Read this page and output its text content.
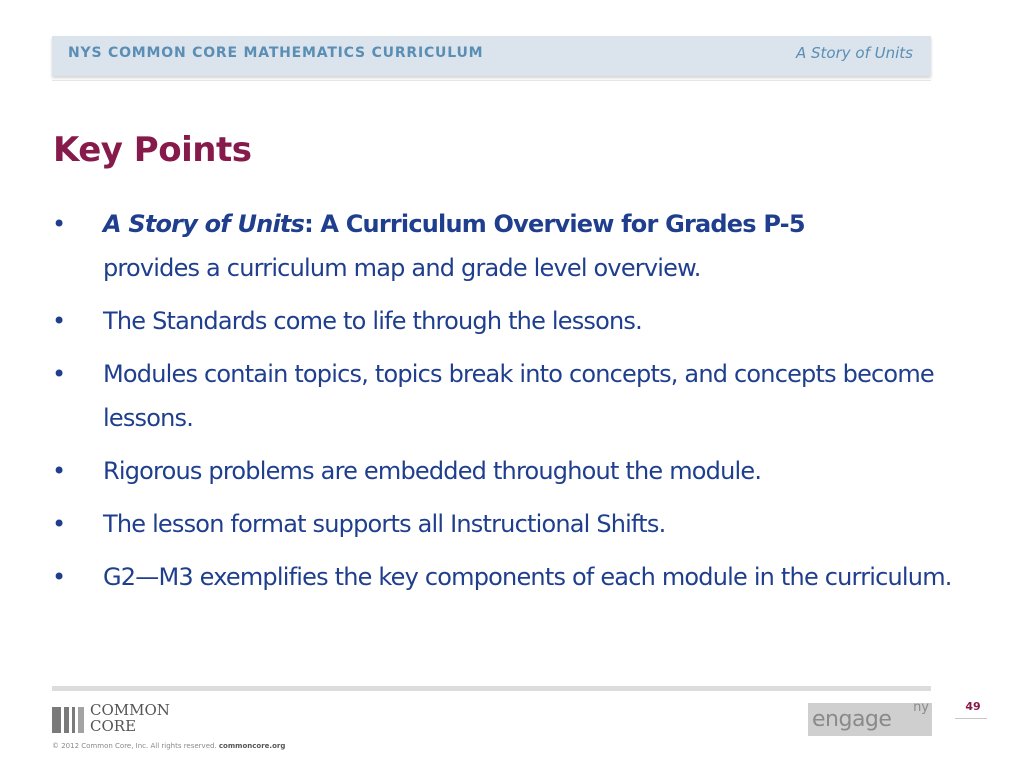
NYS COMMON CORE MATHEMATICS CURRICULUM	A Story of Units
Key Points
• A Story of Units: A Curriculum Overview for Grades P-5
provides a curriculum map and grade level overview.
• The Standards come to life through the lessons.
• Modules contain topics, topics break into concepts, and concepts become lessons.
• Rigorous problems are embedded throughout the module.
• The lesson format supports all Instructional Shifts.
• G2—M3 exemplifies the key components of each module in the curriculum.
COMMON
CORE
© 2012 Common Core, Inc. All rights reserved. commoncore.org
engage ny	49
